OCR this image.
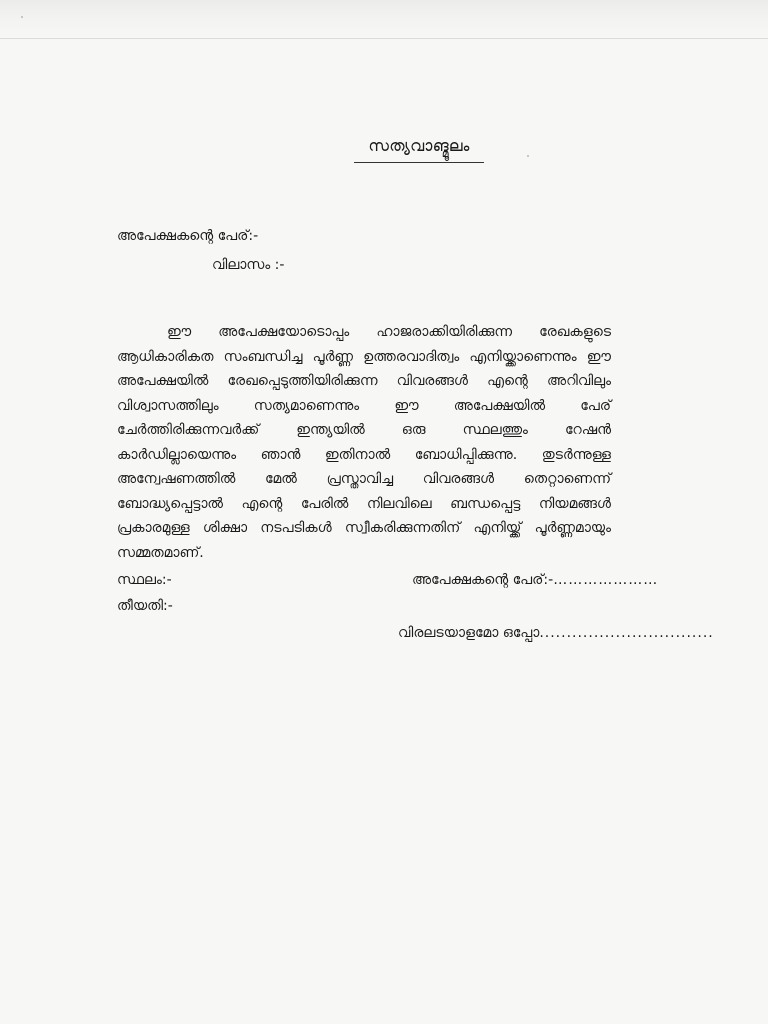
സത്യവാങ്മൂലം
അപേക്ഷകന്റെ പേര്:-
വിലാസം :-
ഈ അപേക്ഷയോടൊപ്പം ഹാജരാക്കിയിരിക്കുന്ന രേഖകളുടെ ആധികാരികത സംബന്ധിച്ച പൂർണ്ണ ഉത്തരവാദിത്വം എനിയ്ക്കാണെന്നും ഈ അപേക്ഷയിൽ രേഖപ്പെടുത്തിയിരിക്കുന്ന വിവരങ്ങൾ എന്റെ അറിവിലും വിശ്വാസത്തിലും സത്യമാണെന്നും ഈ അപേക്ഷയിൽ പേര് ചേർത്തിരിക്കുന്നവർക്ക് ഇന്ത്യയിൽ ഒരു സ്ഥലത്തും റേഷൻ കാർഡില്ലായെന്നും ഞാൻ ഇതിനാൽ ബോധിപ്പിക്കുന്നു. തുടർന്നുള്ള അന്വേഷണത്തിൽ മേൽ പ്രസ്താവിച്ച വിവരങ്ങൾ തെറ്റാണെന്ന് ബോദ്ധ്യപ്പെട്ടാൽ എന്റെ പേരിൽ നിലവിലെ ബന്ധപ്പെട്ട നിയമങ്ങൾ പ്രകാരമുള്ള ശിക്ഷാ നടപടികൾ സ്വീകരിക്കുന്നതിന് എനിയ്ക്ക് പൂർണ്ണമായും സമ്മതമാണ്.
സ്ഥലം:-
തീയതി:-
അപേക്ഷകന്റെ പേര്:-…………………
വിരലടയാളമോ ഒപ്പോ................................
